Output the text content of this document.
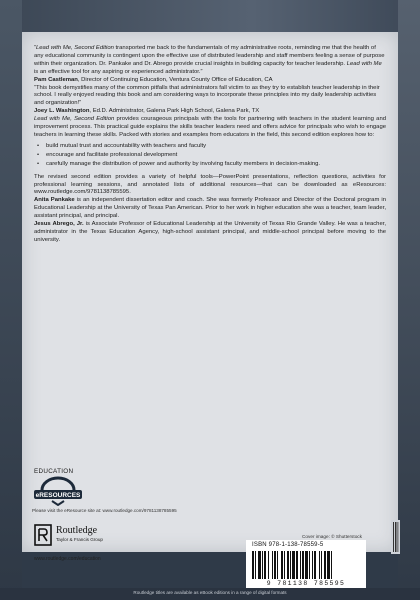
“Lead with Me, Second Edition transported me back to the fundamentals of my administrative roots, reminding me that the health of any educational community is contingent upon the effective use of distributed leadership and staff members feeling a sense of purpose within their organization. Dr. Pankake and Dr. Abrego provide crucial insights in building capacity for teacher leadership. Lead with Me is an effective tool for any aspiring or experienced administrator.”
Pam Castleman, Director of Continuing Education, Ventura County Office of Education, CA

“This book demystifies many of the common pitfalls that administrators fall victim to as they try to establish teacher leadership in their school. I really enjoyed reading this book and am considering ways to incorporate these principles into my daily leadership activities and organization!”
Joey L. Washington, Ed.D. Administrator, Galena Park High School, Galena Park, TX

Lead with Me, Second Edition provides courageous principals with the tools for partnering with teachers in the student learning and improvement process. This practical guide explains the skills teacher leaders need and offers advice for principals who wish to engage teachers in learning these skills. Packed with stories and examples from educators in the field, this second edition explores how to:

• build mutual trust and accountability with teachers and faculty
• encourage and facilitate professional development
• carefully manage the distribution of power and authority by involving faculty members in decision-making.

The revised second edition provides a variety of helpful tools—PowerPoint presentations, reflection questions, activities for professional learning sessions, and annotated lists of additional resources—that can be downloaded as eResources: www.routledge.com/9781138785595.

Anita Pankake is an independent dissertation editor and coach. She was formerly Professor and Director of the Doctoral program in Educational Leadership at the University of Texas Pan American. Prior to her work in higher education she was a teacher, team leader, assistant principal, and principal.

Jesus Abrego, Jr. is Associate Professor of Educational Leadership at the University of Texas Rio Grande Valley. He was a teacher, administrator in the Texas Education Agency, high-school assistant principal, and middle-school principal before moving to the university.

EDUCATION
eRESOURCES
Please visit the eResource site at: www.routledge.com/9781138785595
Cover image: © Shutterstock
Routledge
Taylor & Francis Group
www.routledge.com/education
ISBN 978-1-138-78559-5
9 781138 785595
Routledge titles are available as eBook editions in a range of digital formats
